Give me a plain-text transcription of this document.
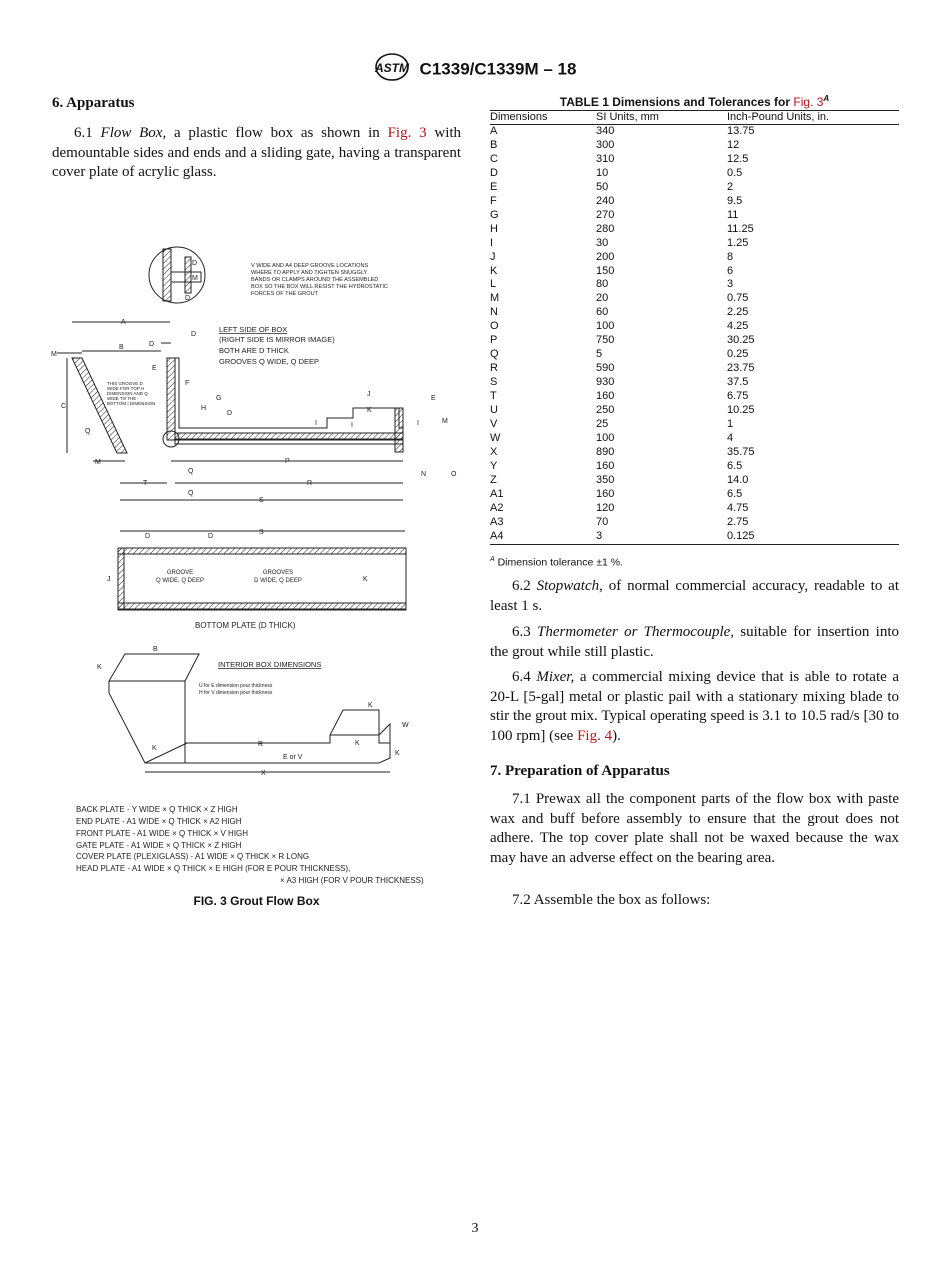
ASTM C1339/C1339M – 18
6. Apparatus
6.1 Flow Box, a plastic flow box as shown in Fig. 3 with demountable sides and ends and a sliding gate, having a transparent cover plate of acrylic glass.
D
M
D
V WIDE AND A4 DEEP GROOVE LOCATIONS
WHERE TO APPLY AND TIGHTEN SNUGGLY
BANDS OR CLAMPS AROUND THE ASSEMBLED
BOX SO THE BOX WILL RESIST THE HYDROSTATIC
FORCES OF THE GROUT
C
M
THIS GROOVE D
WIDE FOR TOP H
DIMENSION AND Q
WIDE TO THE
BOTTOM I DIMENSION
Q
A
B	D
D
LEFT SIDE OF BOX
(RIGHT SIDE IS MIRROR IMAGE)
BOTH ARE D THICK
GROOVES Q WIDE, Q DEEP
E
F
G
H
D
J
K
I	I
E
I	M
N	O
M	P
Q
T	R
Q
S
S
D	D
J	K
GROOVE
Q WIDE, Q DEEP
GROOVES
D WIDE, Q DEEP
BOTTOM PLATE (D THICK)
B
K	INTERIOR BOX DIMENSIONS
U for E dimension pour thickness
H for V dimension pour thickness
K
R
E or V
K
K
W
K
X
BACK PLATE - Y WIDE × Q THICK × Z HIGH
END PLATE - A1 WIDE × Q THICK × A2 HIGH
FRONT PLATE - A1 WIDE × Q THICK × V HIGH
GATE PLATE - A1 WIDE × Q THICK × Z HIGH
COVER PLATE (PLEXIGLASS) - A1 WIDE × Q THICK × R LONG
HEAD PLATE - A1 WIDE × Q THICK × E HIGH (FOR E POUR THICKNESS),
× A3 HIGH (FOR V POUR THICKNESS)
FIG. 3 Grout Flow Box
TABLE 1 Dimensions and Tolerances for Fig. $3^A$
Dimensions	SI Units, mm	Inch-Pound Units, in.
A	340	13.75
B	300	12
C	310	12.5
D	10	0.5
E	50	2
F	240	9.5
G	270	11
H	280	11.25
I	30	1.25
J	200	8
K	150	6
L	80	3
M	20	0.75
N	60	2.25
O	100	4.25
P	750	30.25
Q	5	0.25
R	590	23.75
S	930	37.5
T	160	6.75
U	250	10.25
V	25	1
W	100	4
X	890	35.75
Y	160	6.5
Z	350	14.0
A1	160	6.5
A2	120	4.75
A3	70	2.75
A4	3	0.125
$^A$ Dimension tolerance ±1 %.
6.2 Stopwatch, of normal commercial accuracy, readable to at least 1 s.
6.3 Thermometer or Thermocouple, suitable for insertion into the grout while still plastic.
6.4 Mixer, a commercial mixing device that is able to rotate a 20-L [5-gal] metal or plastic pail with a stationary mixing blade to stir the grout mix. Typical operating speed is 3.1 to 10.5 rad/s [30 to 100 rpm] (see Fig. 4).
7. Preparation of Apparatus
7.1 Prewax all the component parts of the flow box with paste wax and buff before assembly to ensure that the grout does not adhere. The top cover plate shall not be waxed because the wax may have an adverse effect on the bearing area.
7.2 Assemble the box as follows:
3
